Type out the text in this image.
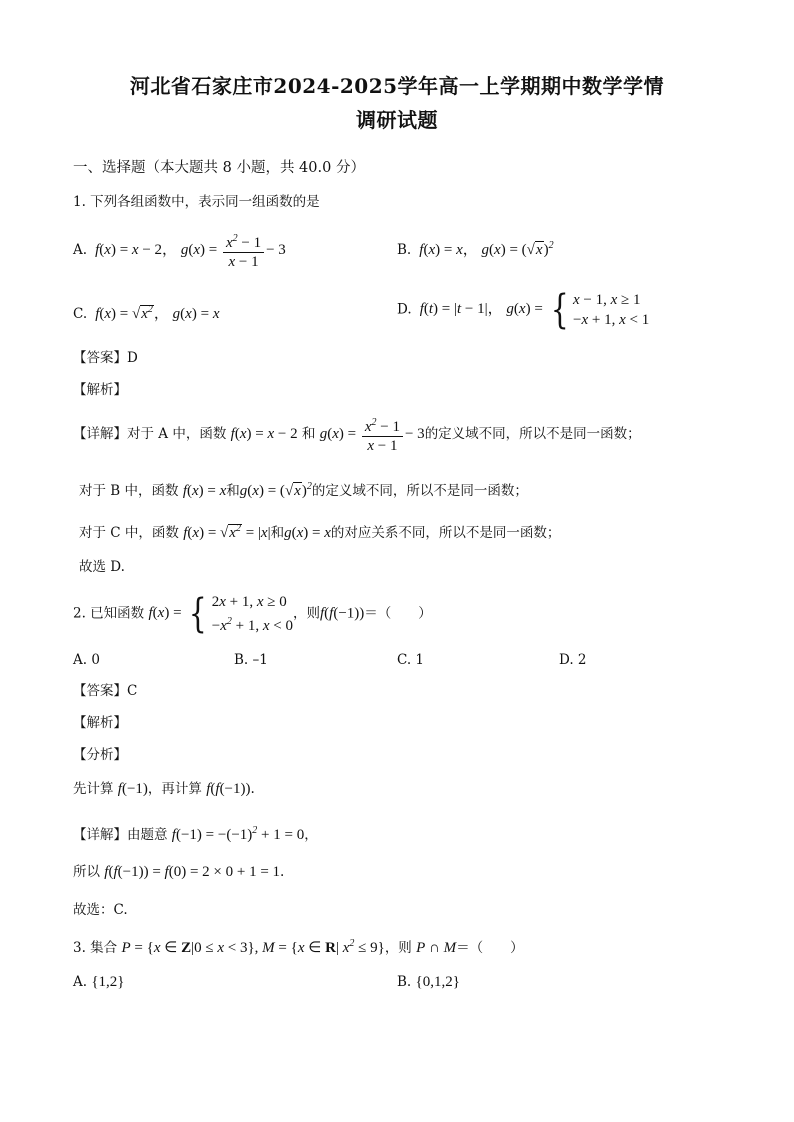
河北省石家庄市2024-2025学年高一上学期期中数学学情
调研试题
一、选择题（本大题共 8 小题，共 40.0 分）
1. 下列各组函数中，表示同一组函数的是
A.  f(x) = x − 2， $g(x) = \frac{x^2 - 1}{x - 1} - 3$	B.  f(x) = x， $g(x) = (√x)^2$
C.  $f(x) = √x^2$， g(x) = x	D.  f(t) = |t − 1|， g(x) = { x − 1, x ≥ 1
−x + 1, x < 1
【答案】D
【解析】
【详解】对于 A 中，函数 f(x) = x − 2 和 $g(x) = \frac{x^2 - 1}{x - 1} - 3$的定义域不同，所以不是同一函数；
对于 B 中，函数 f(x) = x和$g(x) = (√x)^2$的定义域不同，所以不是同一函数；
对于 C 中，函数 $f(x) = √x^2 = |x|$和g(x) = x的对应关系不同，所以不是同一函数；
故选 D.
2. 已知函数 f(x) = { 2x + 1, x ≥ 0
$-x^2 + 1$, x < 0
，则f(f(−1))＝（　　）
A. 0	B. –1	C. 1	D. 2
【答案】C
【解析】
【分析】
先计算 f(−1)，再计算 f(f(−1)).
【详解】由题意 $f(-1) = -(-1)^2 + 1 = 0$，
所以 f(f(−1)) = f(0) = 2 × 0 + 1 = 1.
故选：C.
3. 集合 P = {x ∈ Z|0 ≤ x < 3}, M = {x ∈ R| $x^2 \le 9$}，则 P ∩ M＝（　　）
A. {1,2}	B. {0,1,2}
